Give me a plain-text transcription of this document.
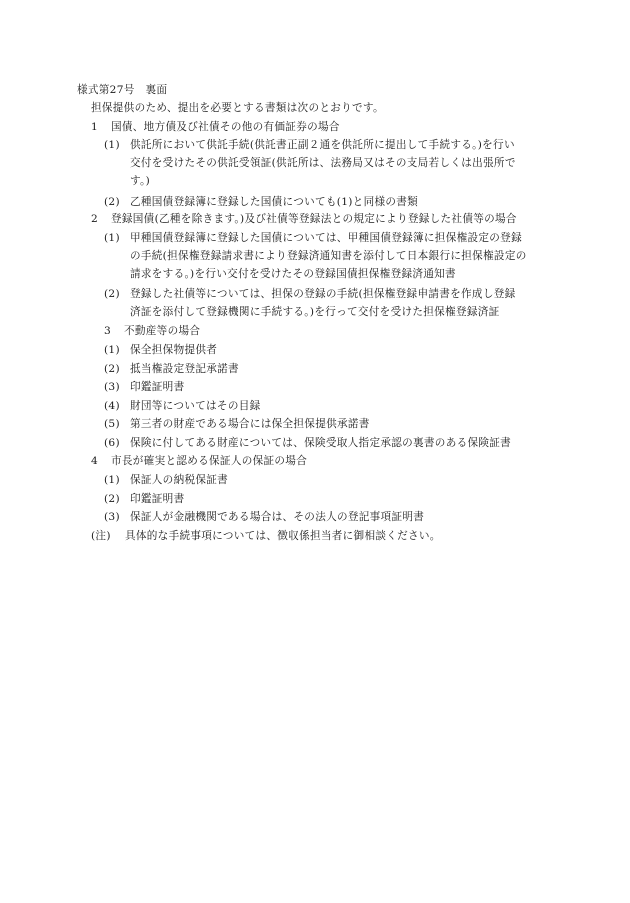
様式第27号　裏面
担保提供のため、提出を必要とする書類は次のとおりです。
1 国債、地方債及び社債その他の有価証券の場合
(1) 供託所において供託手続(供託書正副２通を供託所に提出して手続する。)を行い
交付を受けたその供託受領証(供託所は、法務局又はその支局若しくは出張所で
す。)
(2) 乙種国債登録簿に登録した国債についても(1)と同様の書類
2 登録国債(乙種を除きます。)及び社債等登録法との規定により登録した社債等の場合
(1) 甲種国債登録簿に登録した国債については、甲種国債登録簿に担保権設定の登録
の手続(担保権登録請求書により登録済通知書を添付して日本銀行に担保権設定の
請求をする。)を行い交付を受けたその登録国債担保権登録済通知書
(2) 登録した社債等については、担保の登録の手続(担保権登録申請書を作成し登録
済証を添付して登録機関に手続する。)を行って交付を受けた担保権登録済証
3 不動産等の場合
(1) 保全担保物提供者
(2) 抵当権設定登記承諾書
(3) 印鑑証明書
(4) 財団等についてはその目録
(5) 第三者の財産である場合には保全担保提供承諾書
(6) 保険に付してある財産については、保険受取人指定承認の裏書のある保険証書
4 市長が確実と認める保証人の保証の場合
(1) 保証人の納税保証書
(2) 印鑑証明書
(3) 保証人が金融機関である場合は、その法人の登記事項証明書
(注) 具体的な手続事項については、徴収係担当者に御相談ください。
